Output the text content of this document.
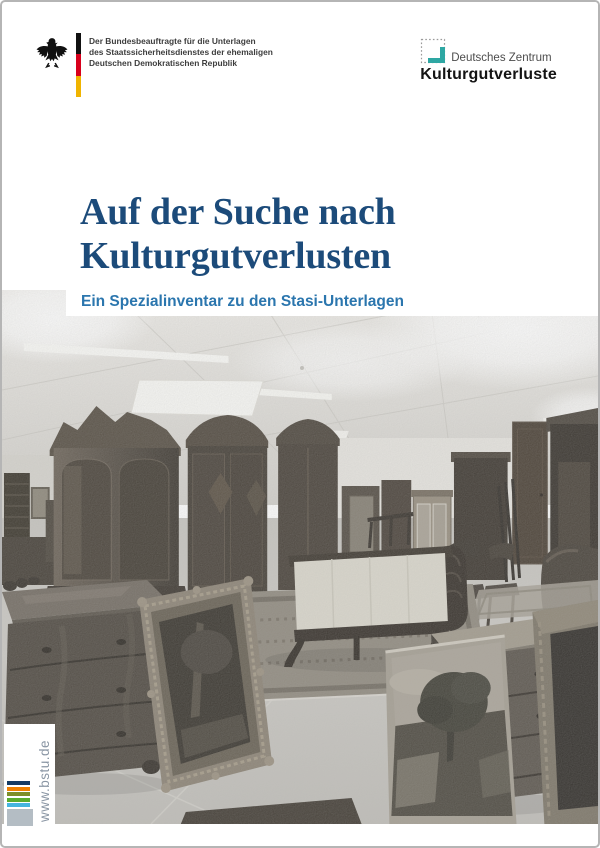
Auf der Suche nach
Kulturgutverlusten

Ein Spezialinventar zu den Stasi-Unterlagen

Der Bundesbeauftragte für die Unterlagen
des Staatssicherheitsdienstes der ehemaligen
Deutschen Demokratischen Republik	Deutsches Zentrum
Kulturgutverluste
www.bstu.de
